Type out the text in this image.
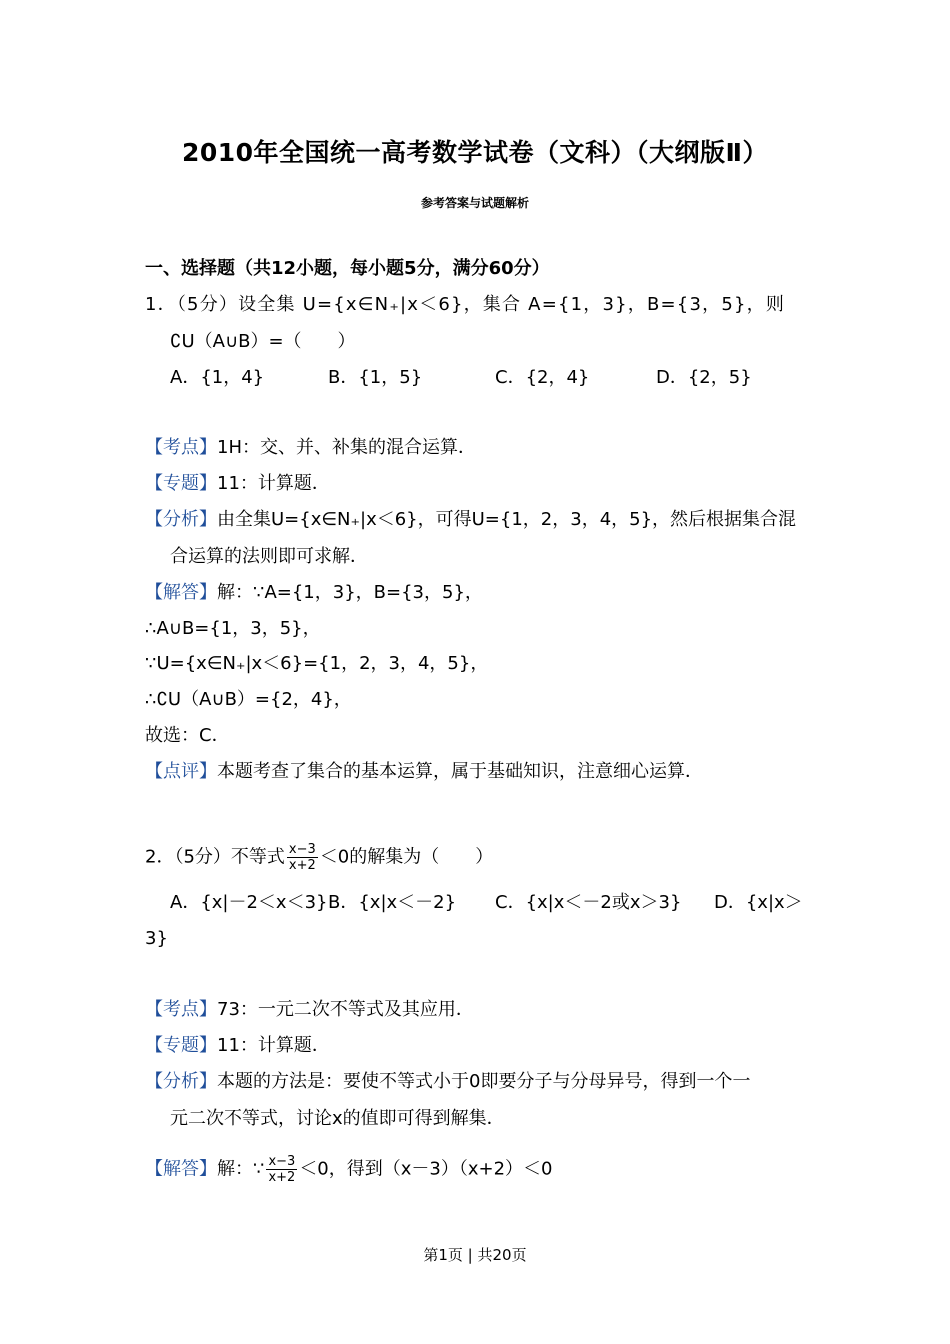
2010年全国统一高考数学试卷（文科）（大纲版Ⅱ）
参考答案与试题解析
一、选择题（共12小题，每小题5分，满分60分）
1．（5分）设全集 U={x∈N₊|x＜6}，集合 A={1，3}，B={3，5}，则
∁U（A∪B）=（　　）
A．{1，4}	B．{1，5}	C．{2，4}	D．{2，5}
【考点】1H：交、并、补集的混合运算．
【专题】11：计算题．
【分析】由全集U={x∈N₊|x＜6}，可得U={1，2，3，4，5}，然后根据集合混
合运算的法则即可求解．
【解答】解：∵A={1，3}，B={3，5}，
∴A∪B={1，3，5}，
∵U={x∈N₊|x＜6}={1，2，3，4，5}，
∴∁U（A∪B）={2，4}，
故选：C．
【点评】本题考查了集合的基本运算，属于基础知识，注意细心运算．
2．（5分）不等式 $\frac{x-3}{x+2} <0$的解集为（　　）
A．{x|－2＜x＜3} B．{x|x＜－2} C．{x|x＜－2或x＞3} D．{x|x＞
3}
【考点】73：一元二次不等式及其应用．
【专题】11：计算题．
【分析】本题的方法是：要使不等式小于0即要分子与分母异号，得到一个一
元二次不等式，讨论x的值即可得到解集．
【解答】解：∵ $\frac{x-3}{x+2} <0$，得到（x－3）（x+2）＜0
第1页 | 共20页
